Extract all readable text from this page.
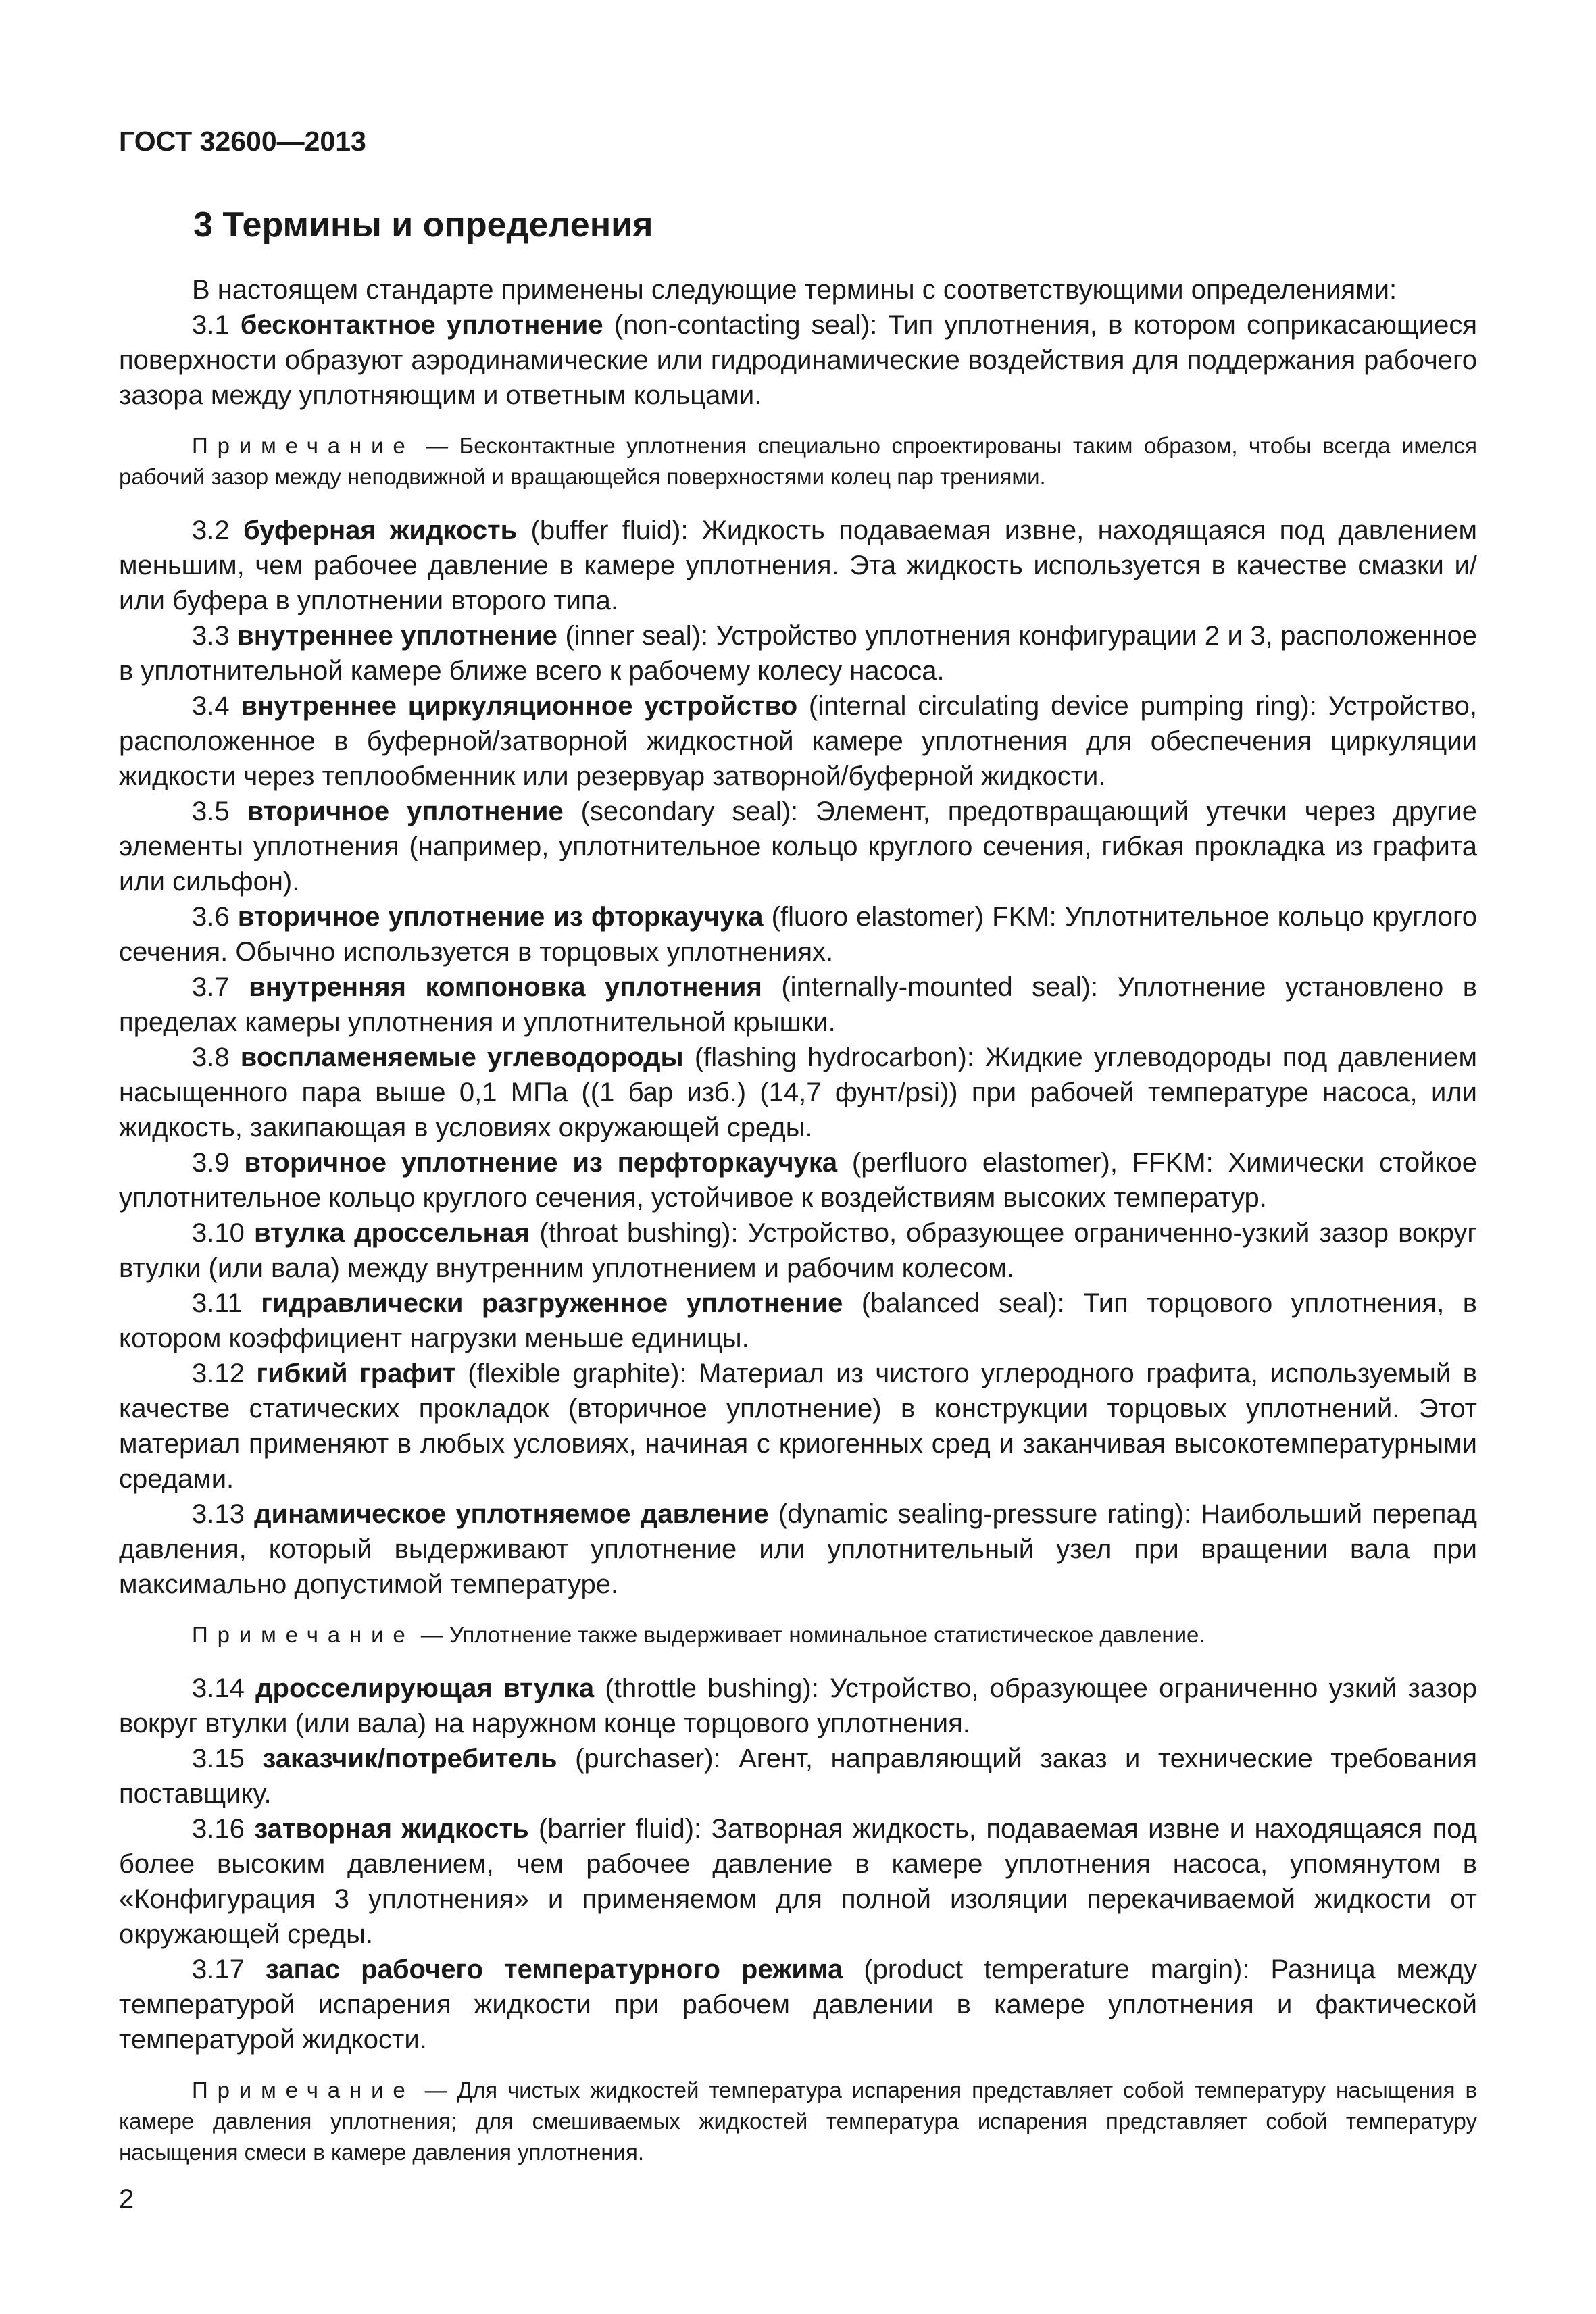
ГОСТ 32600—2013
3 Термины и определения

В настоящем стандарте применены следующие термины с соответствующими определениями:

3.1 бесконтактное уплотнение (non-contacting seal): Тип уплотнения, в котором соприкасающиеся поверхности образуют аэродинамические или гидродинамические воздействия для поддержания рабочего зазора между уплотняющим и ответным кольцами.

Примечание — Бесконтактные уплотнения специально спроектированы таким образом, чтобы всегда имелся рабочий зазор между неподвижной и вращающейся поверхностями колец пар трениями.

3.2 буферная жидкость (buffer fluid): Жидкость подаваемая извне, находящаяся под давлением меньшим, чем рабочее давление в камере уплотнения. Эта жидкость используется в качестве смазки и/или буфера в уплотнении второго типа.

3.3 внутреннее уплотнение (inner seal): Устройство уплотнения конфигурации 2 и 3, расположенное в уплотнительной камере ближе всего к рабочему колесу насоса.

3.4 внутреннее циркуляционное устройство (internal circulating device pumping ring): Устройство, расположенное в буферной/затворной жидкостной камере уплотнения для обеспечения циркуляции жидкости через теплообменник или резервуар затворной/буферной жидкости.

3.5 вторичное уплотнение (secondary seal): Элемент, предотвращающий утечки через другие элементы уплотнения (например, уплотнительное кольцо круглого сечения, гибкая прокладка из графита или сильфон).

3.6 вторичное уплотнение из фторкаучука (fluoro elastomer) FKM: Уплотнительное кольцо круглого сечения. Обычно используется в торцовых уплотнениях.

3.7 внутренняя компоновка уплотнения (internally-mounted seal): Уплотнение установлено в пределах камеры уплотнения и уплотнительной крышки.

3.8 воспламеняемые углеводороды (flashing hydrocarbon): Жидкие углеводороды под давлением насыщенного пара выше 0,1 МПа ((1 бар изб.) (14,7 фунт/psi)) при рабочей температуре насоса, или жидкость, закипающая в условиях окружающей среды.

3.9 вторичное уплотнение из перфторкаучука (perfluoro elastomer), FFKM: Химически стойкое уплотнительное кольцо круглого сечения, устойчивое к воздействиям высоких температур.

3.10 втулка дроссельная (throat bushing): Устройство, образующее ограниченно-узкий зазор вокруг втулки (или вала) между внутренним уплотнением и рабочим колесом.

3.11 гидравлически разгруженное уплотнение (balanced seal): Тип торцового уплотнения, в котором коэффициент нагрузки меньше единицы.

3.12 гибкий графит (flexible graphite): Материал из чистого углеродного графита, используемый в качестве статических прокладок (вторичное уплотнение) в конструкции торцовых уплотнений. Этот материал применяют в любых условиях, начиная с криогенных сред и заканчивая высокотемпературными средами.

3.13 динамическое уплотняемое давление (dynamic sealing-pressure rating): Наибольший перепад давления, который выдерживают уплотнение или уплотнительный узел при вращении вала при максимально допустимой температуре.

Примечание — Уплотнение также выдерживает номинальное статистическое давление.

3.14 дросселирующая втулка (throttle bushing): Устройство, образующее ограниченно узкий зазор вокруг втулки (или вала) на наружном конце торцового уплотнения.

3.15 заказчик/потребитель (purchaser): Агент, направляющий заказ и технические требования поставщику.

3.16 затворная жидкость (barrier fluid): Затворная жидкость, подаваемая извне и находящаяся под более высоким давлением, чем рабочее давление в камере уплотнения насоса, упомянутом в «Конфигурация 3 уплотнения» и применяемом для полной изоляции перекачиваемой жидкости от окружающей среды.

3.17 запас рабочего температурного режима (product temperature margin): Разница между температурой испарения жидкости при рабочем давлении в камере уплотнения и фактической температурой жидкости.

Примечание — Для чистых жидкостей температура испарения представляет собой температуру насыщения в камере давления уплотнения; для смешиваемых жидкостей температура испарения представляет собой температуру насыщения смеси в камере давления уплотнения.

2
